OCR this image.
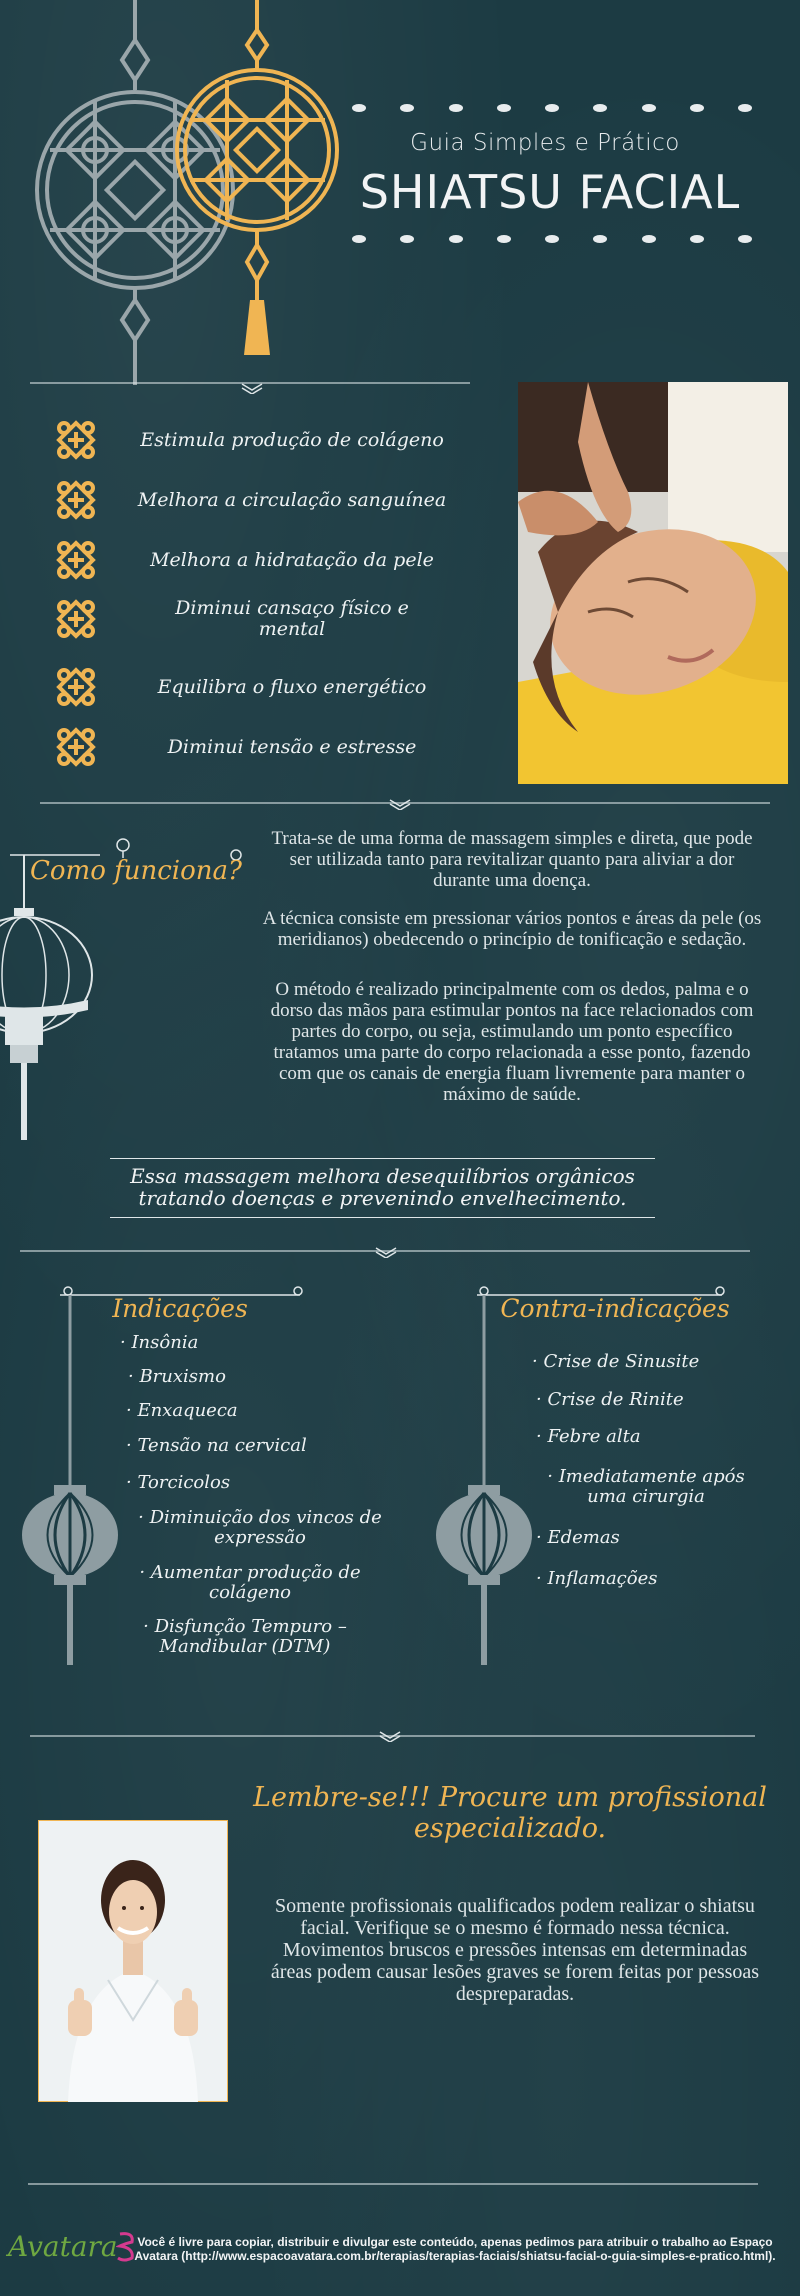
Guia Simples e Prático
SHIATSU FACIAL
Estimula produção de colágeno
Melhora a circulação sanguínea
Melhora a hidratação da pele
Diminui cansaço físico e mental
Equilibra o fluxo energético
Diminui tensão e estresse
Como funciona?
Trata-se de uma forma de massagem simples e direta, que pode ser utilizada tanto para revitalizar quanto para aliviar a dor durante uma doença.
A técnica consiste em pressionar vários pontos e áreas da pele (os meridianos) obedecendo o princípio de tonificação e sedação.
O método é realizado principalmente com os dedos, palma e o dorso das mãos para estimular pontos na face relacionados com partes do corpo, ou seja, estimulando um ponto específico tratamos uma parte do corpo relacionada a esse ponto, fazendo com que os canais de energia fluam livremente para manter o máximo de saúde.
Essa massagem melhora desequilíbrios orgânicos tratando doenças e prevenindo envelhecimento.
Indicações
· Insônia
· Bruxismo
· Enxaqueca
· Tensão na cervical
· Torcicolos
· Diminuição dos vincos de expressão
· Aumentar produção de colágeno
· Disfunção Tempuro – Mandibular (DTM)
Contra-indicações
· Crise de Sinusite
· Crise de Rinite
· Febre alta
· Imediatamente após uma cirurgia
· Edemas
· Inflamações
Lembre-se!!! Procure um profissional especializado.
Somente profissionais qualificados podem realizar o shiatsu facial. Verifique se o mesmo é formado nessa técnica. Movimentos bruscos e pressões intensas em determinadas áreas podem causar lesões graves se forem feitas por pessoas despreparadas.
Avatara	Você é livre para copiar, distribuir e divulgar este conteúdo, apenas pedimos para atribuir o trabalho ao Espaço Avatara (http://www.espacoavatara.com.br/terapias/terapias-faciais/shiatsu-facial-o-guia-simples-e-pratico.html).
